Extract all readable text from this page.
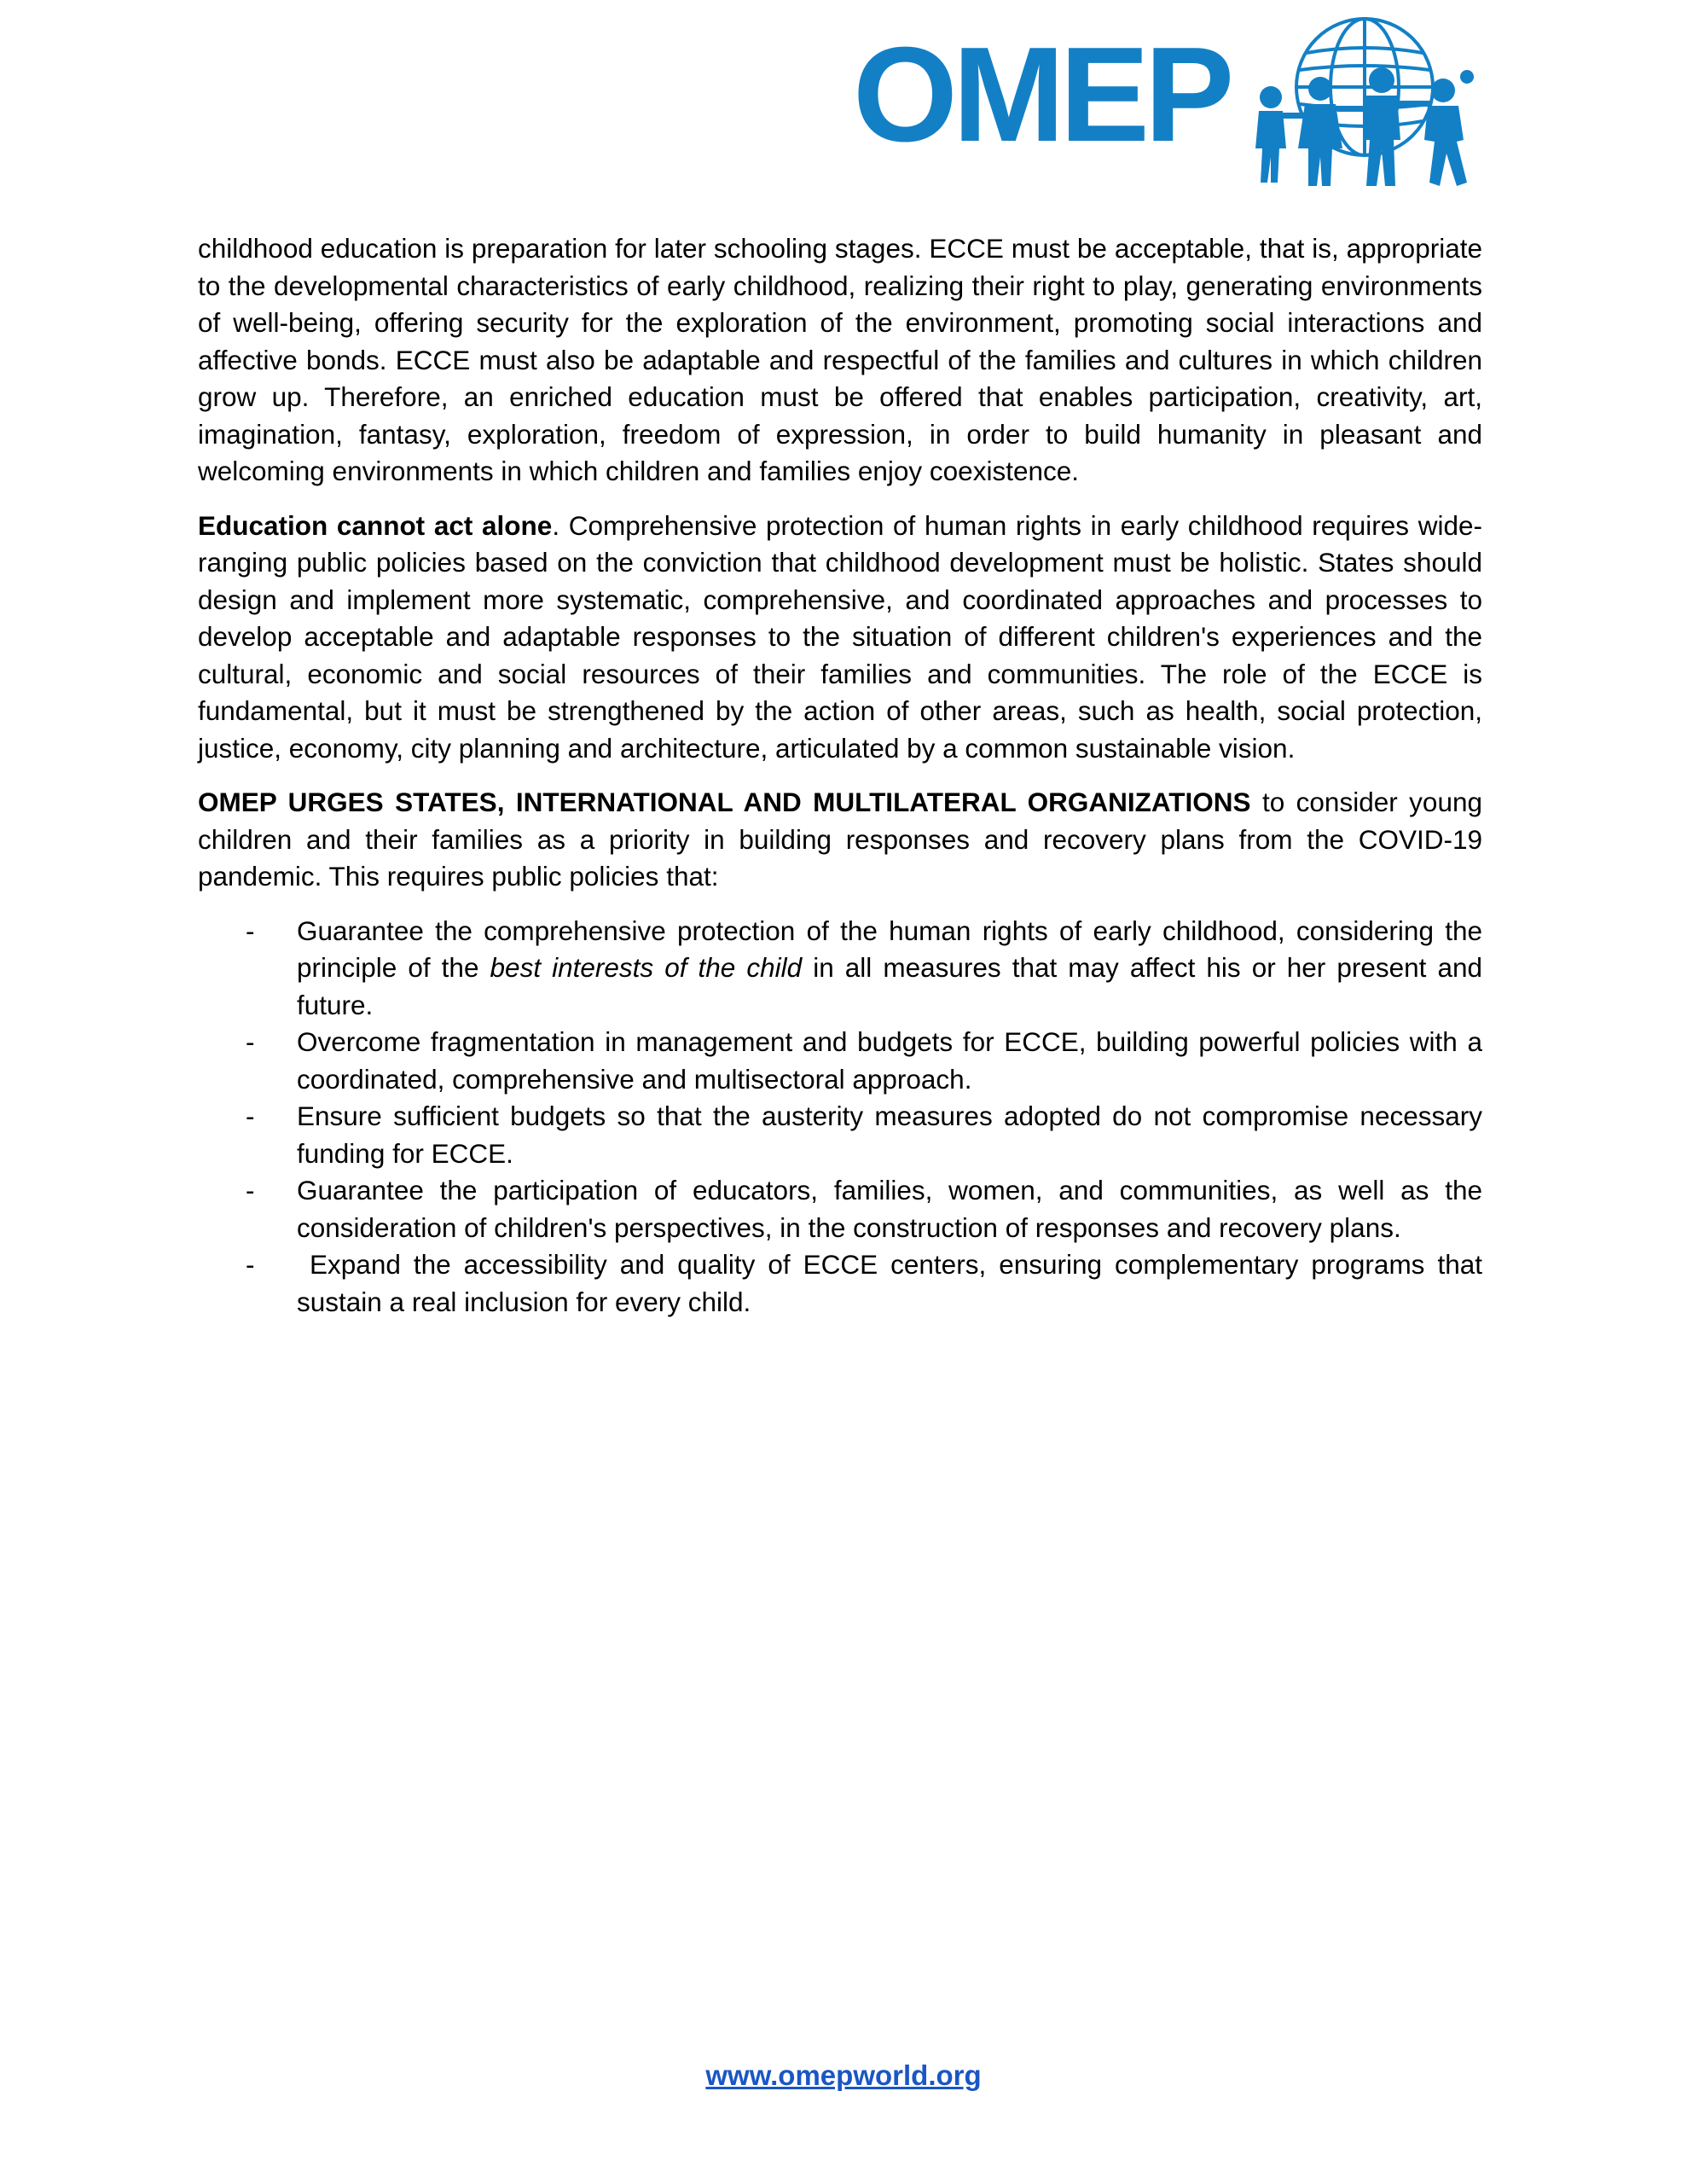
OMEP

childhood education is preparation for later schooling stages. ECCE must be acceptable, that is, appropriate to the developmental characteristics of early childhood, realizing their right to play, generating environments of well-being, offering security for the exploration of the environment, promoting social interactions and affective bonds. ECCE must also be adaptable and respectful of the families and cultures in which children grow up. Therefore, an enriched education must be offered that enables participation, creativity, art, imagination, fantasy, exploration, freedom of expression, in order to build humanity in pleasant and welcoming environments in which children and families enjoy coexistence.

Education cannot act alone. Comprehensive protection of human rights in early childhood requires wide-ranging public policies based on the conviction that childhood development must be holistic. States should design and implement more systematic, comprehensive, and coordinated approaches and processes to develop acceptable and adaptable responses to the situation of different children's experiences and the cultural, economic and social resources of their families and communities. The role of the ECCE is fundamental, but it must be strengthened by the action of other areas, such as health, social protection, justice, economy, city planning and architecture, articulated by a common sustainable vision.

OMEP URGES STATES, INTERNATIONAL AND MULTILATERAL ORGANIZATIONS to consider young children and their families as a priority in building responses and recovery plans from the COVID-19 pandemic. This requires public policies that:

- Guarantee the comprehensive protection of the human rights of early childhood, considering the principle of the best interests of the child in all measures that may affect his or her present and future.
- Overcome fragmentation in management and budgets for ECCE, building powerful policies with a coordinated, comprehensive and multisectoral approach.
- Ensure sufficient budgets so that the austerity measures adopted do not compromise necessary funding for ECCE.
- Guarantee the participation of educators, families, women, and communities, as well as the consideration of children's perspectives, in the construction of responses and recovery plans.
- Expand the accessibility and quality of ECCE centers, ensuring complementary programs that sustain a real inclusion for every child.
www.omepworld.org
